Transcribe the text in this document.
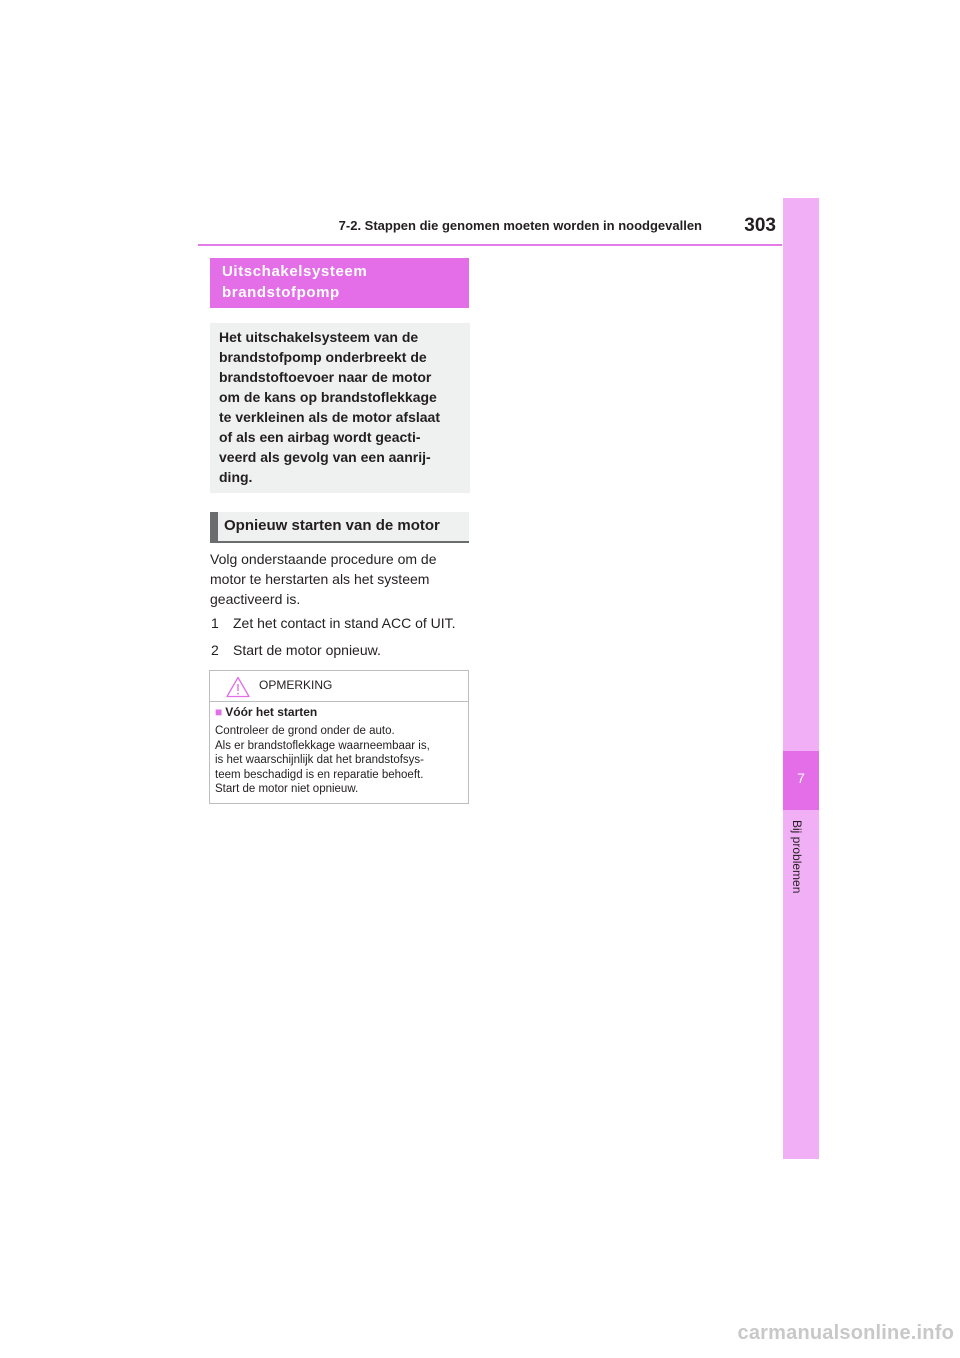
7-2. Stappen die genomen moeten worden in noodgevallen	303
7
Bij problemen
Uitschakelsysteem
brandstofpomp
Het uitschakelsysteem van de
brandstofpomp onderbreekt de
brandstoftoevoer naar de motor
om de kans op brandstoflekkage
te verkleinen als de motor afslaat
of als een airbag wordt geacti-
veerd als gevolg van een aanrij-
ding.
Opnieuw starten van de motor
Volg onderstaande procedure om de
motor te herstarten als het systeem
geactiveerd is.
1 Zet het contact in stand ACC of UIT.
2 Start de motor opnieuw.
OPMERKING
■ Vóór het starten
Controleer de grond onder de auto.
Als er brandstoflekkage waarneembaar is,
is het waarschijnlijk dat het brandstofsys-
teem beschadigd is en reparatie behoeft.
Start de motor niet opnieuw.
carmanualsonline.info
